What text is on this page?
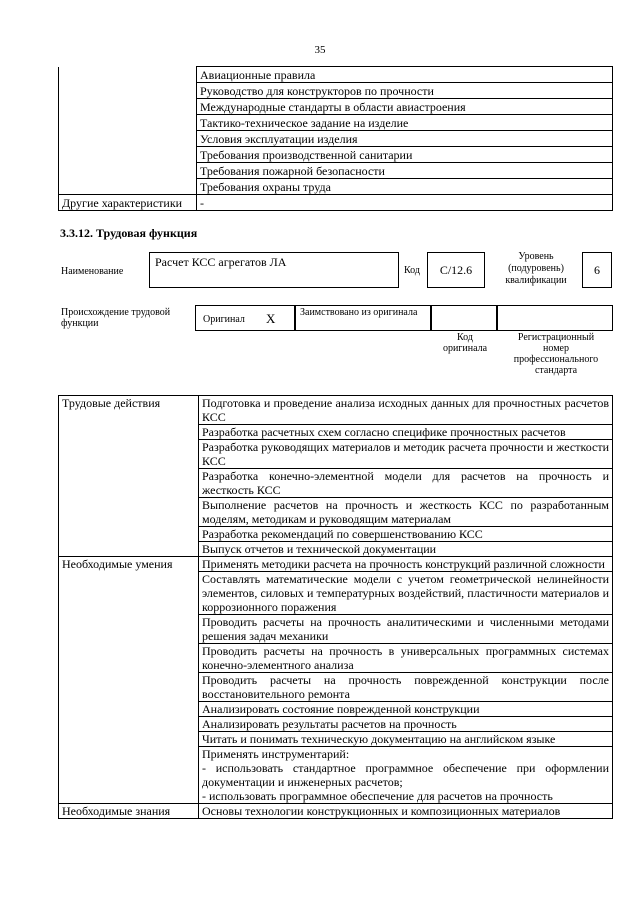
35
	Авиационные правила
	Руководство для конструкторов по прочности
	Международные стандарты в области авиастроения
	Тактико-техническое задание на изделие
	Условия эксплуатации изделия
	Требования производственной санитарии
	Требования пожарной безопасности
	Требования охраны труда
Другие характеристики	-
3.3.12. Трудовая функция
Наименование
Расчет КСС агрегатов ЛА
Код	C/12.6
Уровень (подуровень) квалификации
6
Происхождение трудовой функции	Оригинал X Заимствовано из оригинала
Код оригинала
Регистрационный номер профессионального стандарта
Трудовые действия	Подготовка и проведение анализа исходных данных для прочностных расчетов КСС
	Разработка расчетных схем согласно специфике прочностных расчетов
	Разработка руководящих материалов и методик расчета прочности и жесткости КСС
	Разработка конечно-элементной модели для расчетов на прочность и жесткость КСС
	Выполнение расчетов на прочность и жесткость КСС по разработанным моделям, методикам и руководящим материалам
	Разработка рекомендаций по совершенствованию КСС
	Выпуск отчетов и технической документации
Необходимые умения	Применять методики расчета на прочность конструкций различной сложности
	Составлять математические модели с учетом геометрической нелинейности элементов, силовых и температурных воздействий, пластичности материалов и коррозионного поражения
	Проводить расчеты на прочность аналитическими и численными методами решения задач механики
	Проводить расчеты на прочность в универсальных программных системах конечно-элементного анализа
	Проводить расчеты на прочность поврежденной конструкции после восстановительного ремонта
	Анализировать состояние поврежденной конструкции
	Анализировать результаты расчетов на прочность
	Читать и понимать техническую документацию на английском языке

	Применять инструментарий:
- использовать стандартное программное обеспечение при оформлении документации и инженерных расчетов;
- использовать программное обеспечение для расчетов на прочность

Необходимые знания	Основы технологии конструкционных и композиционных материалов
